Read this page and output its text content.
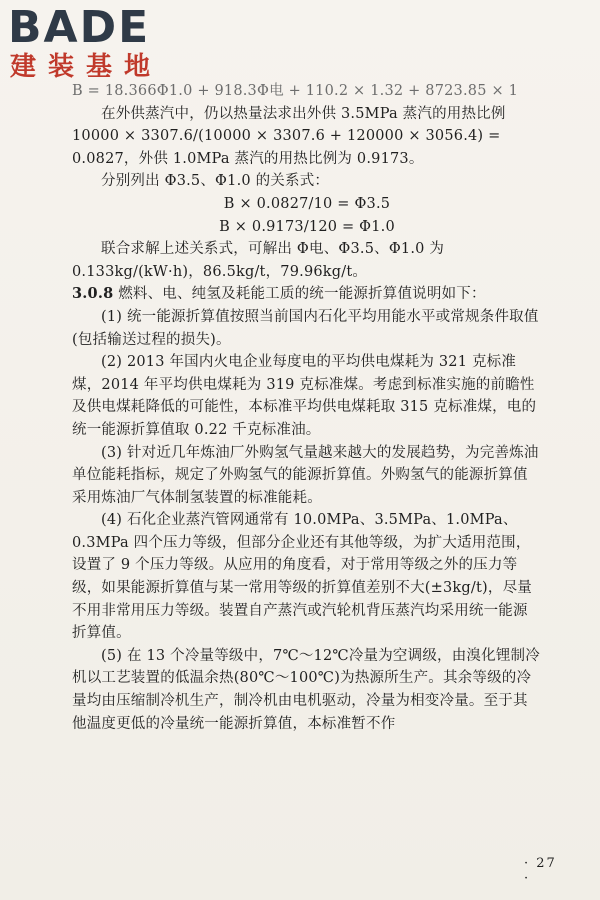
BADE
建装基地

B = 18.366Φ1.0 + 918.3Φ电 + 110.2 × 1.32 + 8723.85 × 1

在外供蒸汽中，仍以热量法求出外供 3.5MPa 蒸汽的用热比例 10000 × 3307.6/(10000 × 3307.6 + 120000 × 3056.4) = 0.0827，外供 1.0MPa 蒸汽的用热比例为 0.9173。

分别列出 Φ3.5、Φ1.0 的关系式：

B × 0.0827/10 = Φ3.5

B × 0.9173/120 = Φ1.0

联合求解上述关系式，可解出 Φ电、Φ3.5、Φ1.0 为 0.133kg/(kW·h)，86.5kg/t，79.96kg/t。

3.0.8 燃料、电、纯氢及耗能工质的统一能源折算值说明如下：

(1) 统一能源折算值按照当前国内石化平均用能水平或常规条件取值(包括输送过程的损失)。

(2) 2013 年国内火电企业每度电的平均供电煤耗为 321 克标准煤，2014 年平均供电煤耗为 319 克标准煤。考虑到标准实施的前瞻性及供电煤耗降低的可能性，本标准平均供电煤耗取 315 克标准煤，电的统一能源折算值取 0.22 千克标准油。

(3) 针对近几年炼油厂外购氢气量越来越大的发展趋势，为完善炼油单位能耗指标，规定了外购氢气的能源折算值。外购氢气的能源折算值采用炼油厂气体制氢装置的标准能耗。

(4) 石化企业蒸汽管网通常有 10.0MPa、3.5MPa、1.0MPa、0.3MPa 四个压力等级，但部分企业还有其他等级，为扩大适用范围，设置了 9 个压力等级。从应用的角度看，对于常用等级之外的压力等级，如果能源折算值与某一常用等级的折算值差别不大(±3kg/t)，尽量不用非常用压力等级。装置自产蒸汽或汽轮机背压蒸汽均采用统一能源折算值。

(5) 在 13 个冷量等级中，7℃～12℃冷量为空调级，由溴化锂制冷机以工艺装置的低温余热(80℃～100℃)为热源所生产。其余等级的冷量均由压缩制冷机生产，制冷机由电机驱动，冷量为相变冷量。至于其他温度更低的冷量统一能源折算值，本标准暂不作

· 27 ·
